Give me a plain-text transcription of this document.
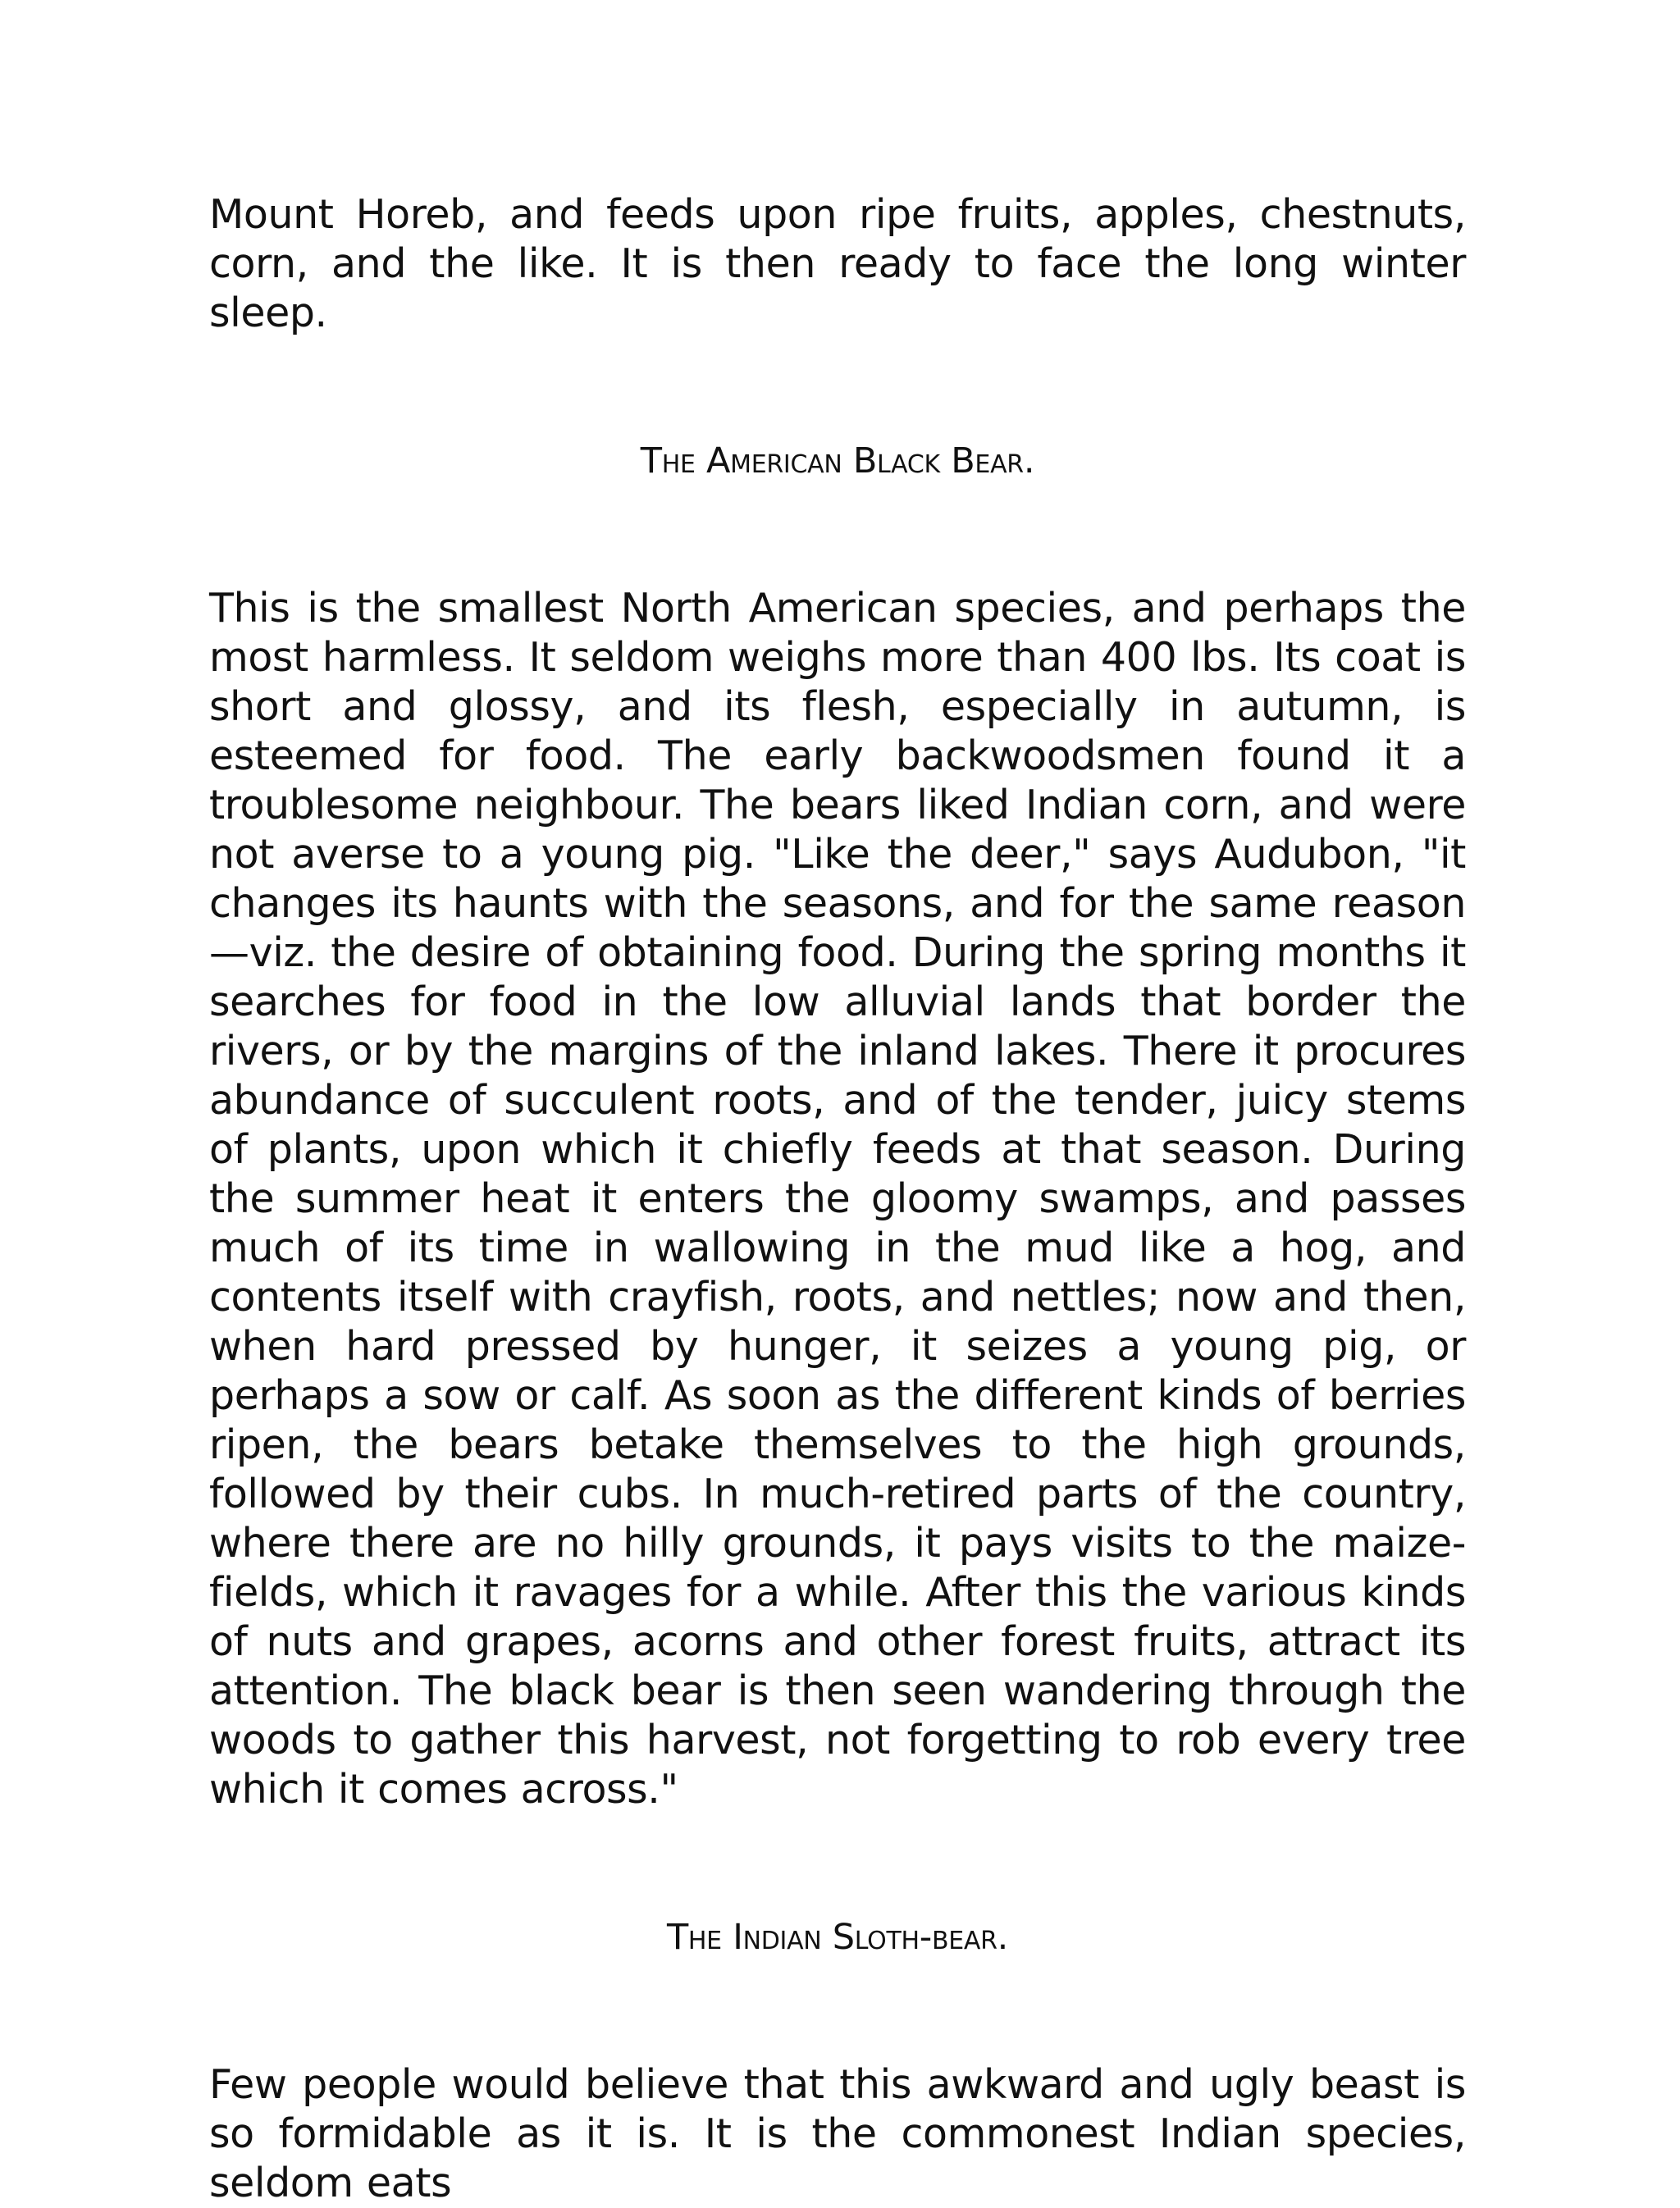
Mount Horeb, and feeds upon ripe fruits, apples, chestnuts, corn, and the like. It is then ready to face the long winter sleep.

The American Black Bear.

This is the smallest North American species, and perhaps the most harmless. It seldom weighs more than 400 lbs. Its coat is short and glossy, and its flesh, especially in autumn, is esteemed for food. The early backwoodsmen found it a troublesome neighbour. The bears liked Indian corn, and were not averse to a young pig. "Like the deer," says Audubon, "it changes its haunts with the seasons, and for the same reason—viz. the desire of obtaining food. During the spring months it searches for food in the low alluvial lands that border the rivers, or by the margins of the inland lakes. There it procures abundance of succulent roots, and of the tender, juicy stems of plants, upon which it chiefly feeds at that season. During the summer heat it enters the gloomy swamps, and passes much of its time in wallowing in the mud like a hog, and contents itself with crayfish, roots, and nettles; now and then, when hard pressed by hunger, it seizes a young pig, or perhaps a sow or calf. As soon as the different kinds of berries ripen, the bears betake themselves to the high grounds, followed by their cubs. In much-retired parts of the country, where there are no hilly grounds, it pays visits to the maize-fields, which it ravages for a while. After this the various kinds of nuts and grapes, acorns and other forest fruits, attract its attention. The black bear is then seen wandering through the woods to gather this harvest, not forgetting to rob every tree which it comes across."

The Indian Sloth-bear.

Few people would believe that this awkward and ugly beast is so formidable as it is. It is the commonest Indian species, seldom eats
